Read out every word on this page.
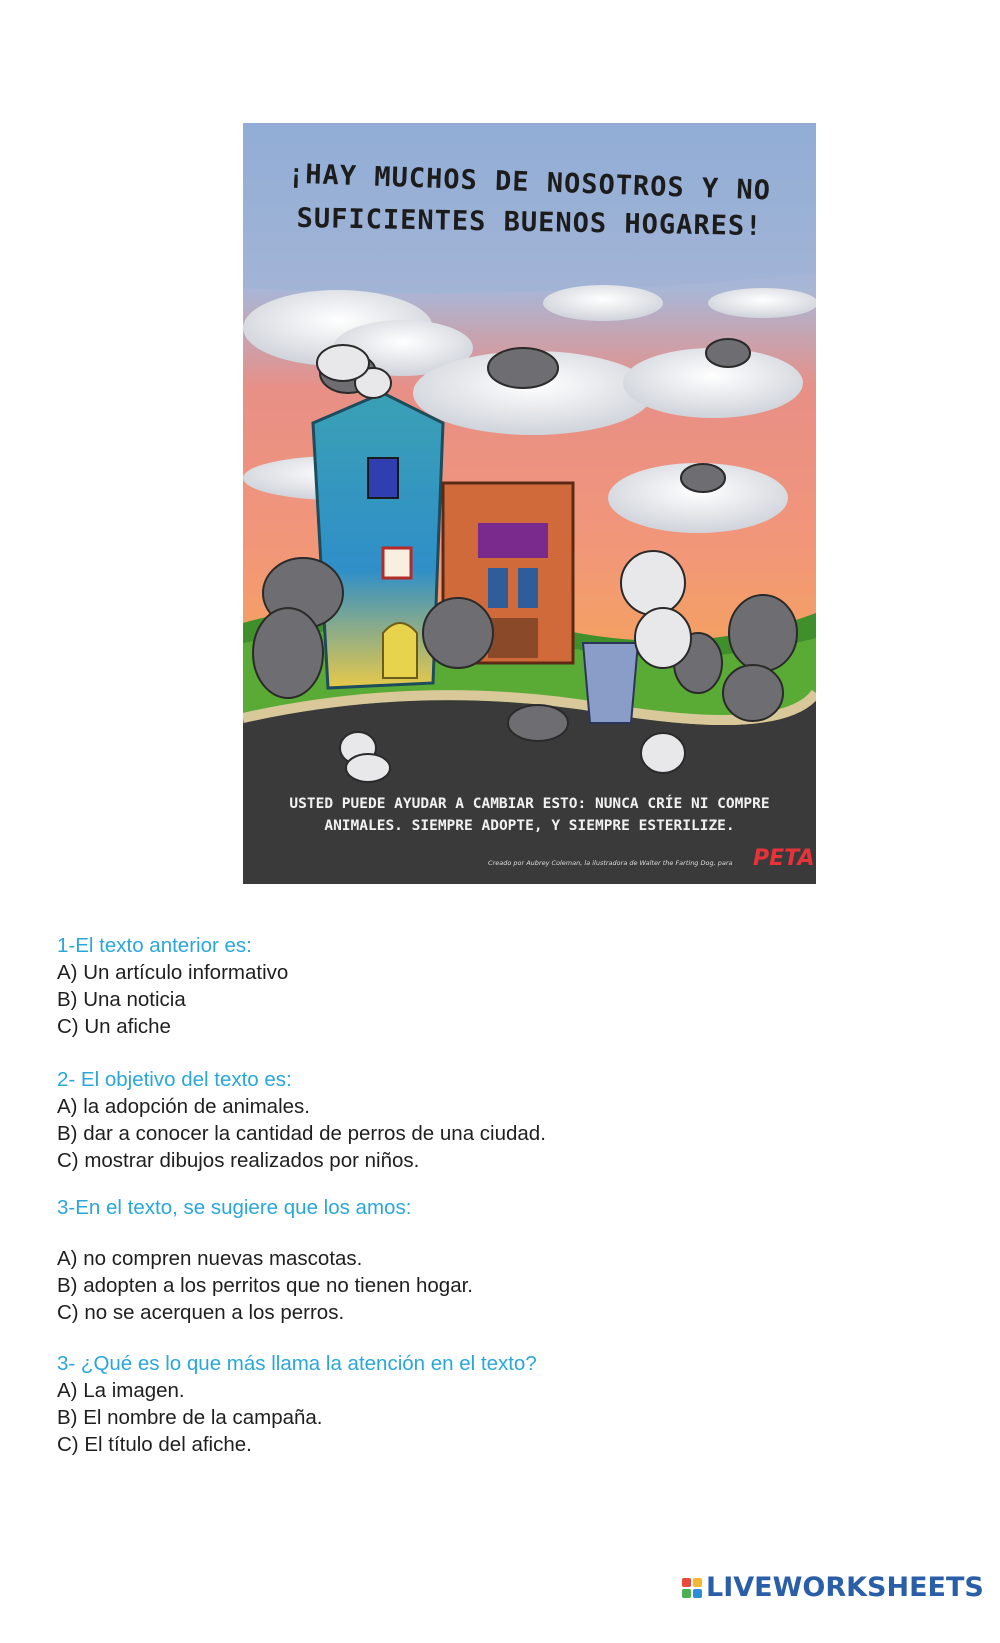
¡HAY MUCHOS DE NOSOTROS Y NO
SUFICIENTES BUENOS HOGARES!
USTED PUEDE AYUDAR A CAMBIAR ESTO: NUNCA CRÍE NI COMPRE
ANIMALES. SIEMPRE ADOPTE, Y SIEMPRE ESTERILIZE.
Creado por Aubrey Coleman, la ilustradora de Walter the Farting Dog, para PETA

1-El texto anterior es:

A) Un artículo informativo

B) Una noticia

C) Un afiche

2- El objetivo del texto es:

A) la adopción de animales.

B) dar a conocer la cantidad de perros de una ciudad.

C) mostrar dibujos realizados por niños.

3-En el texto, se sugiere que los amos:

A) no compren nuevas mascotas.

B) adopten a los perritos que no tienen hogar.

C) no se acerquen a los perros.

3- ¿Qué es lo que más llama la atención en el texto?

A) La imagen.

B) El nombre de la campaña.

C) El título del afiche.

LIVEWORKSHEETS
